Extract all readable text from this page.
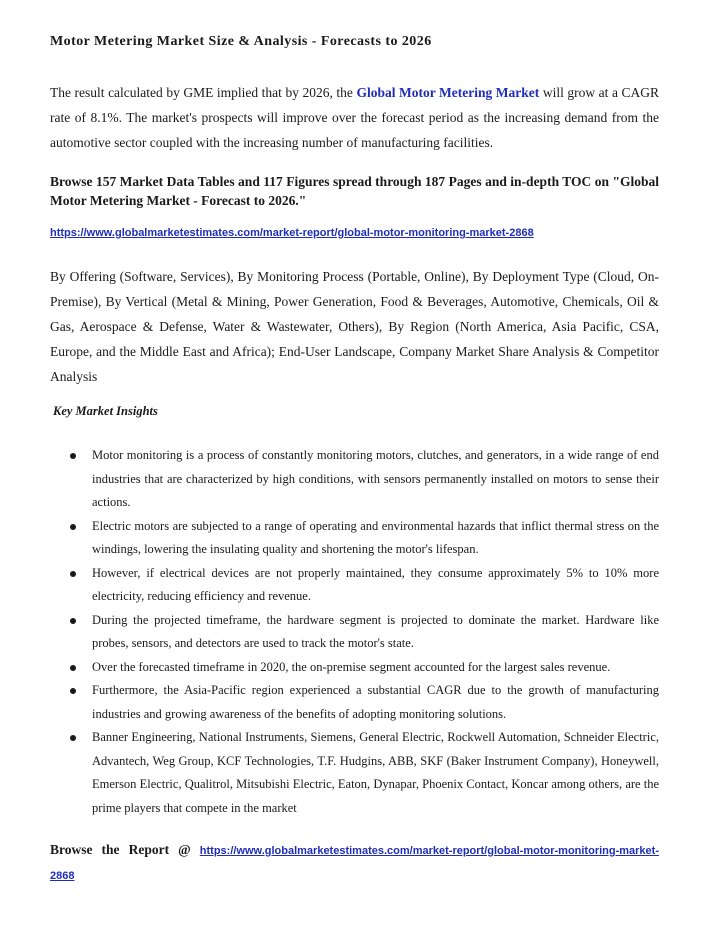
Motor Metering Market Size & Analysis - Forecasts to 2026

The result calculated by GME implied that by 2026, the Global Motor Metering Market will grow at a CAGR rate of 8.1%. The market's prospects will improve over the forecast period as the increasing demand from the automotive sector coupled with the increasing number of manufacturing facilities.

Browse 157 Market Data Tables and 117 Figures spread through 187 Pages and in-depth TOC on "Global Motor Metering Market - Forecast to 2026."

https://www.globalmarketestimates.com/market-report/global-motor-monitoring-market-2868

By Offering (Software, Services), By Monitoring Process (Portable, Online), By Deployment Type (Cloud, On-Premise), By Vertical (Metal & Mining, Power Generation, Food & Beverages, Automotive, Chemicals, Oil & Gas, Aerospace & Defense, Water & Wastewater, Others), By Region (North America, Asia Pacific, CSA, Europe, and the Middle East and Africa); End-User Landscape, Company Market Share Analysis & Competitor Analysis

Key Market Insights
Motor monitoring is a process of constantly monitoring motors, clutches, and generators, in a wide range of end industries that are characterized by high conditions, with sensors permanently installed on motors to sense their actions.
Electric motors are subjected to a range of operating and environmental hazards that inflict thermal stress on the windings, lowering the insulating quality and shortening the motor's lifespan.
However, if electrical devices are not properly maintained, they consume approximately 5% to 10% more electricity, reducing efficiency and revenue.
During the projected timeframe, the hardware segment is projected to dominate the market. Hardware like probes, sensors, and detectors are used to track the motor's state.
Over the forecasted timeframe in 2020, the on-premise segment accounted for the largest sales revenue.
Furthermore, the Asia-Pacific region experienced a substantial CAGR due to the growth of manufacturing industries and growing awareness of the benefits of adopting monitoring solutions.
Banner Engineering, National Instruments, Siemens, General Electric, Rockwell Automation, Schneider Electric, Advantech, Weg Group, KCF Technologies, T.F. Hudgins, ABB, SKF (Baker Instrument Company), Honeywell, Emerson Electric, Qualitrol, Mitsubishi Electric, Eaton, Dynapar, Phoenix Contact, Koncar among others, are the prime players that compete in the market

Browse the Report @ https://www.globalmarketestimates.com/market-report/global-motor-monitoring-market-2868
